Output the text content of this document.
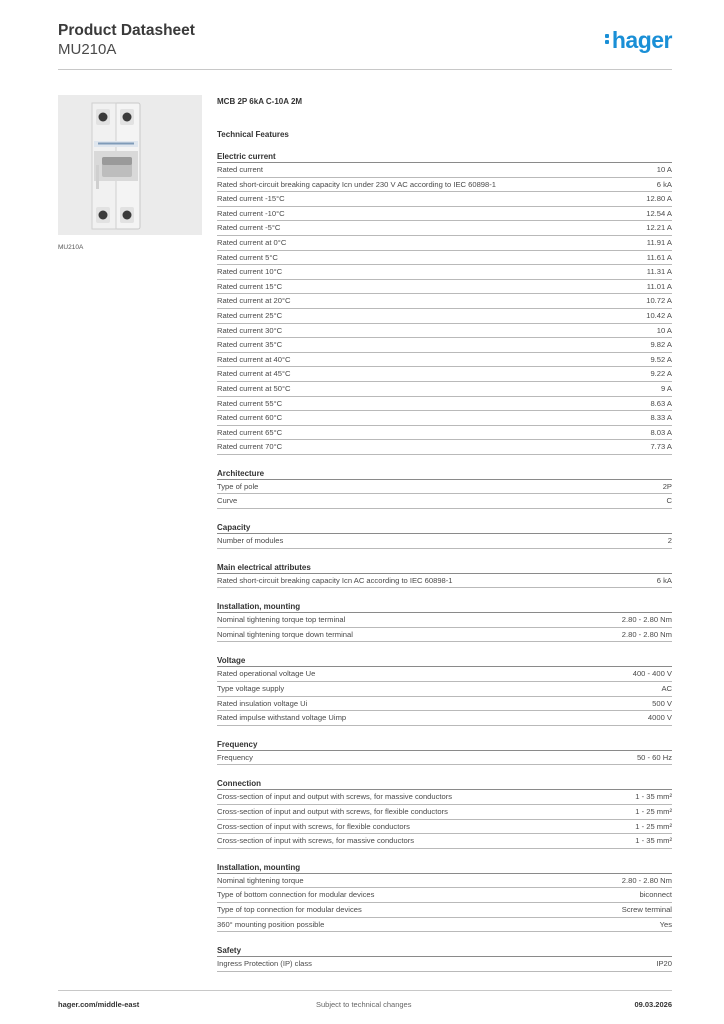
Product Datasheet
MU210A	hager
MU210A
MCB 2P 6kA C-10A 2M
Technical Features
Electric current
Rated current	10 A
Rated short-circuit breaking capacity Icn under 230 V AC according to IEC 60898-1	6 kA
Rated current -15°C	12.80 A
Rated current -10°C	12.54 A
Rated current -5°C	12.21 A
Rated current at 0°C	11.91 A
Rated current 5°C	11.61 A
Rated current 10°C	11.31 A
Rated current 15°C	11.01 A
Rated current at 20°C	10.72 A
Rated current 25°C	10.42 A
Rated current 30°C	10 A
Rated current 35°C	9.82 A
Rated current at 40°C	9.52 A
Rated current at 45°C	9.22 A
Rated current at 50°C	9 A
Rated current 55°C	8.63 A
Rated current 60°C	8.33 A
Rated current 65°C	8.03 A
Rated current 70°C	7.73 A
Architecture
Type of pole	2P
Curve	C
Capacity
Number of modules	2
Main electrical attributes
Rated short-circuit breaking capacity Icn AC according to IEC 60898-1	6 kA
Installation, mounting
Nominal tightening torque top terminal	2.80 - 2.80 Nm
Nominal tightening torque down terminal	2.80 - 2.80 Nm
Voltage
Rated operational voltage Ue	400 - 400 V
Type voltage supply	AC
Rated insulation voltage Ui	500 V
Rated impulse withstand voltage Uimp	4000 V
Frequency
Frequency	50 - 60 Hz
Connection
Cross-section of input and output with screws, for massive conductors	1 - 35 mm²
Cross-section of input and output with screws, for flexible conductors	1 - 25 mm²
Cross-section of input with screws, for flexible conductors	1 - 25 mm²
Cross-section of input with screws, for massive conductors	1 - 35 mm²
Installation, mounting
Nominal tightening torque	2.80 - 2.80 Nm
Type of bottom connection for modular devices	biconnect
Type of top connection for modular devices	Screw terminal
360° mounting position possible	Yes
Safety
Ingress Protection (IP) class	IP20
hager.com/middle-east	Subject to technical changes	09.03.2026
